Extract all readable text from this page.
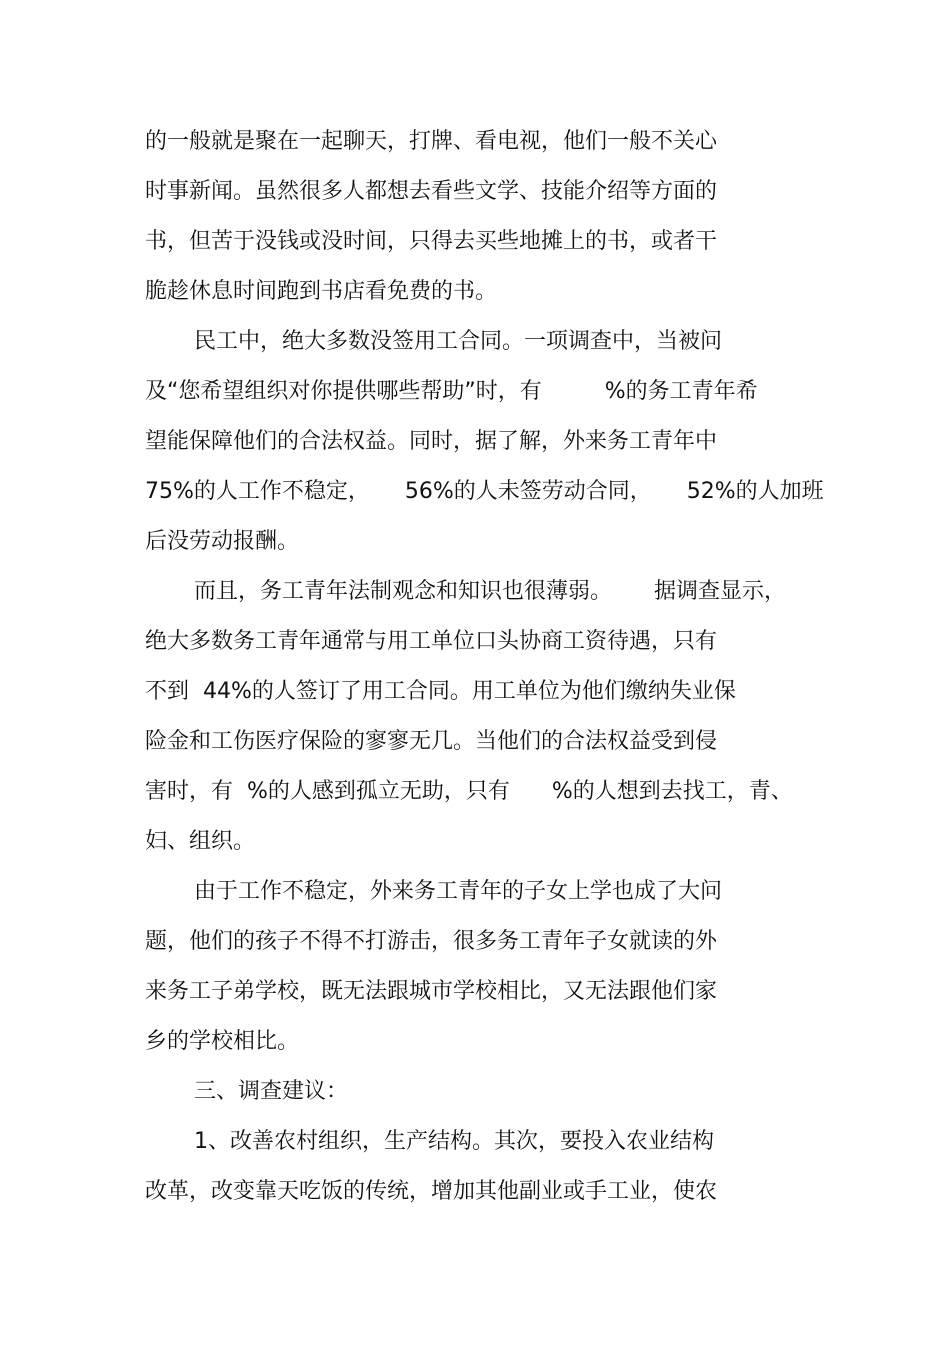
的一般就是聚在一起聊天，打牌、看电视，他们一般不关心
时事新闻。虽然很多人都想去看些文学、技能介绍等方面的
书，但苦于没钱或没时间，只得去买些地摊上的书，或者干
脆趁休息时间跑到书店看免费的书。
民工中，绝大多数没签用工合同。一项调查中，当被问
及“您希望组织对你提供哪些帮助”时，有         %的务工青年希
望能保障他们的合法权益。同时，据了解，外来务工青年中
75%的人工作不稳定，     56%的人未签劳动合同，     52%的人加班
后没劳动报酬。
而且，务工青年法制观念和知识也很薄弱。      据调查显示，
绝大多数务工青年通常与用工单位口头协商工资待遇，只有
不到  44%的人签订了用工合同。用工单位为他们缴纳失业保
险金和工伤医疗保险的寥寥无几。当他们的合法权益受到侵
害时，有  %的人感到孤立无助，只有      %的人想到去找工，青、
妇、组织。
由于工作不稳定，外来务工青年的子女上学也成了大问
题，他们的孩子不得不打游击，很多务工青年子女就读的外
来务工子弟学校，既无法跟城市学校相比，又无法跟他们家
乡的学校相比。
三、调查建议：
1、改善农村组织，生产结构。其次，要投入农业结构
改革，改变靠天吃饭的传统，增加其他副业或手工业，使农
